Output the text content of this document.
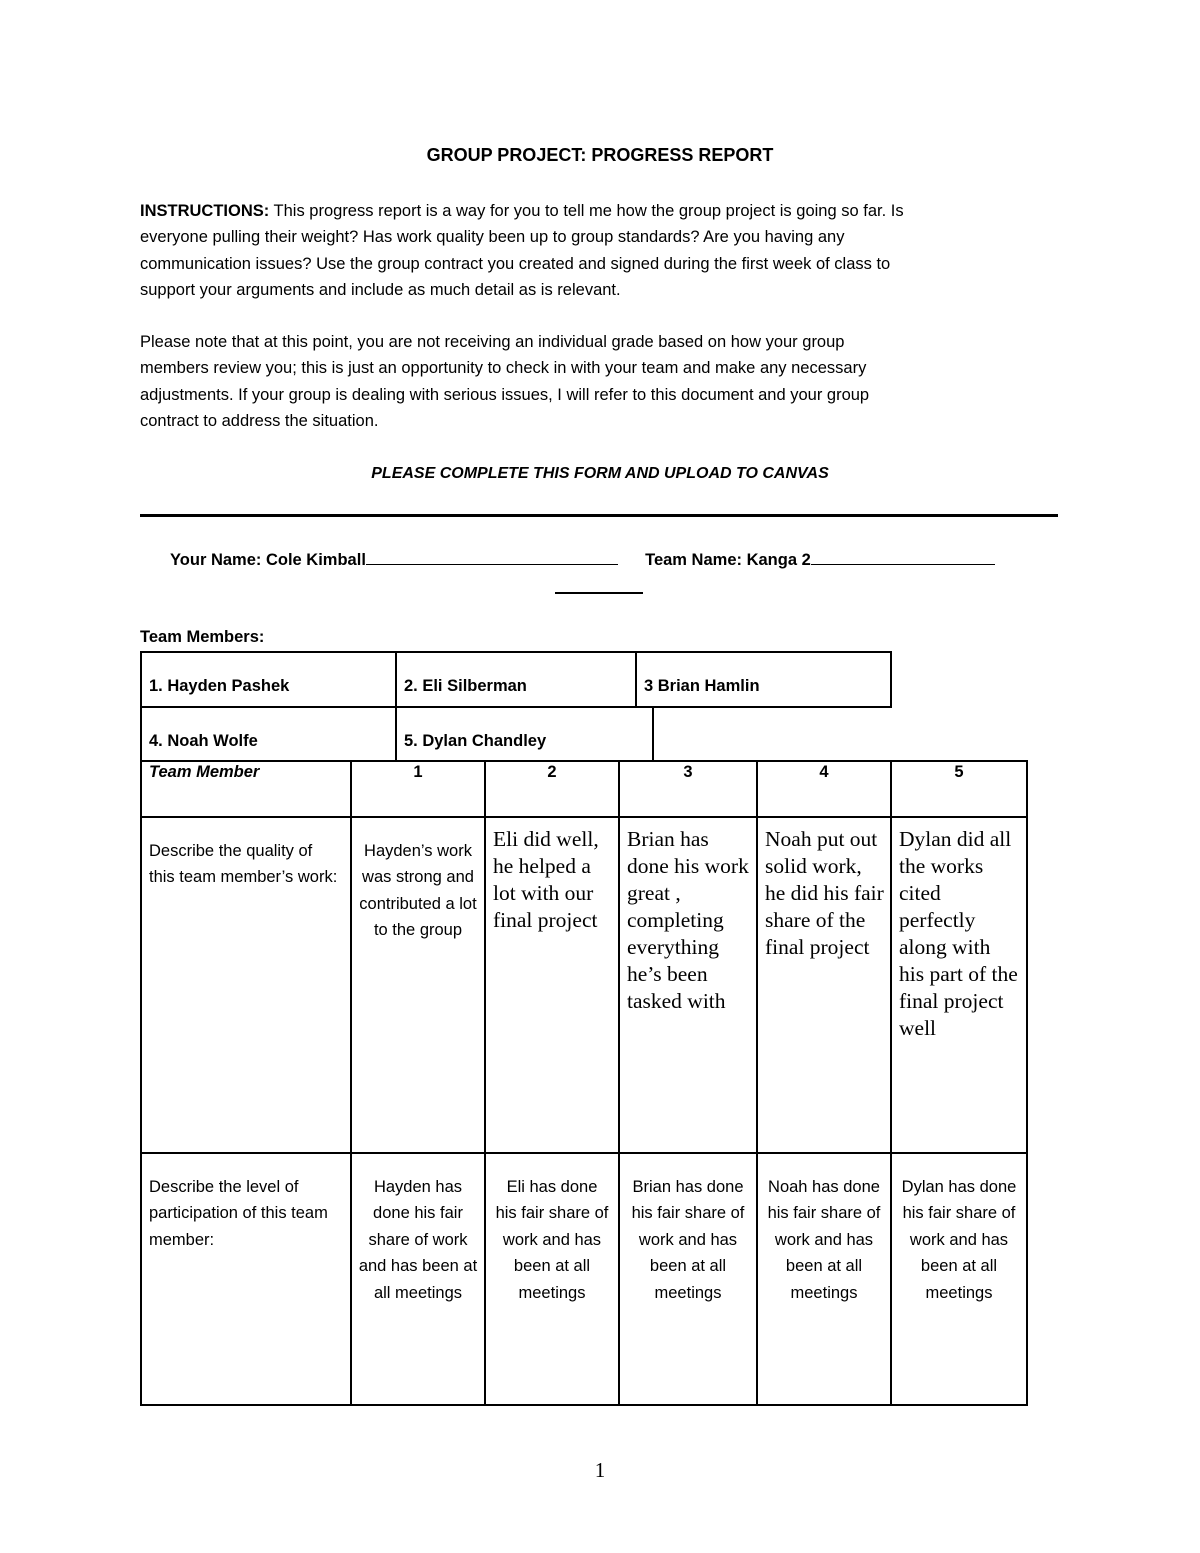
GROUP PROJECT: PROGRESS REPORT
INSTRUCTIONS: This progress report is a way for you to tell me how the group project is going so far. Is
everyone pulling their weight? Has work quality been up to group standards? Are you having any
communication issues? Use the group contract you created and signed during the first week of class to
support your arguments and include as much detail as is relevant.
Please note that at this point, you are not receiving an individual grade based on how your group
members review you; this is just an opportunity to check in with your team and make any necessary
adjustments. If your group is dealing with serious issues, I will refer to this document and your group
contract to address the situation.
PLEASE COMPLETE THIS FORM AND UPLOAD TO CANVAS
Your Name: Cole Kimball	Team Name: Kanga 2
Team Members:
1. Hayden Pashek	2. Eli Silberman	3 Brian Hamlin
4. Noah Wolfe	5. Dylan Chandley
Team Member	1	2	3	4	5
Describe the quality of this team member’s work:	Hayden’s work was strong and contributed a lot to the group	Eli did well, he helped a lot with our final project	Brian has done his work great , completing everything he’s been tasked with	Noah put out solid work, he did his fair share of the final project	Dylan did all the works cited perfectly along with his part of the final project well
Describe the level of participation of this team member:	Hayden has done his fair share of work and has been at all meetings	Eli has done his fair share of work and has been at all meetings	Brian has done his fair share of work and has been at all meetings	Noah has done his fair share of work and has been at all meetings	Dylan has done his fair share of work and has been at all meetings
1
